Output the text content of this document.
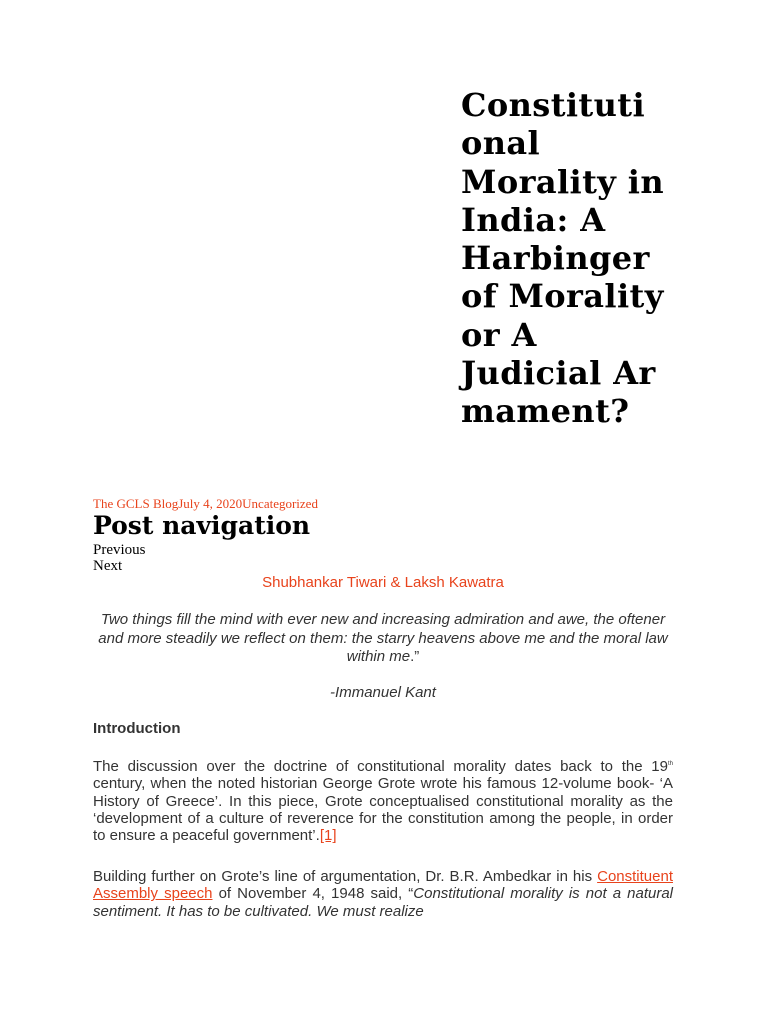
Constituti onal Morality in India: A Harbinger of Morality or A Judicial Ar mament?
The GCLS BlogJuly 4, 2020Uncategorized
Post navigation
Previous
Next
Shubhankar Tiwari & Laksh Kawatra
Two things fill the mind with ever new and increasing admiration and awe, the oftener and more steadily we reflect on them: the starry heavens above me and the moral law within me.”
-Immanuel Kant
Introduction

The discussion over the doctrine of constitutional morality dates back to the 19th century, when the noted historian George Grote wrote his famous 12-volume book- ‘A History of Greece’. In this piece, Grote conceptualised constitutional morality as the ‘development of a culture of reverence for the constitution among the people, in order to ensure a peaceful government’.[1]

Building further on Grote’s line of argumentation, Dr. B.R. Ambedkar in his Constituent Assembly speech of November 4, 1948 said, “Constitutional morality is not a natural sentiment. It has to be cultivated. We must realize
